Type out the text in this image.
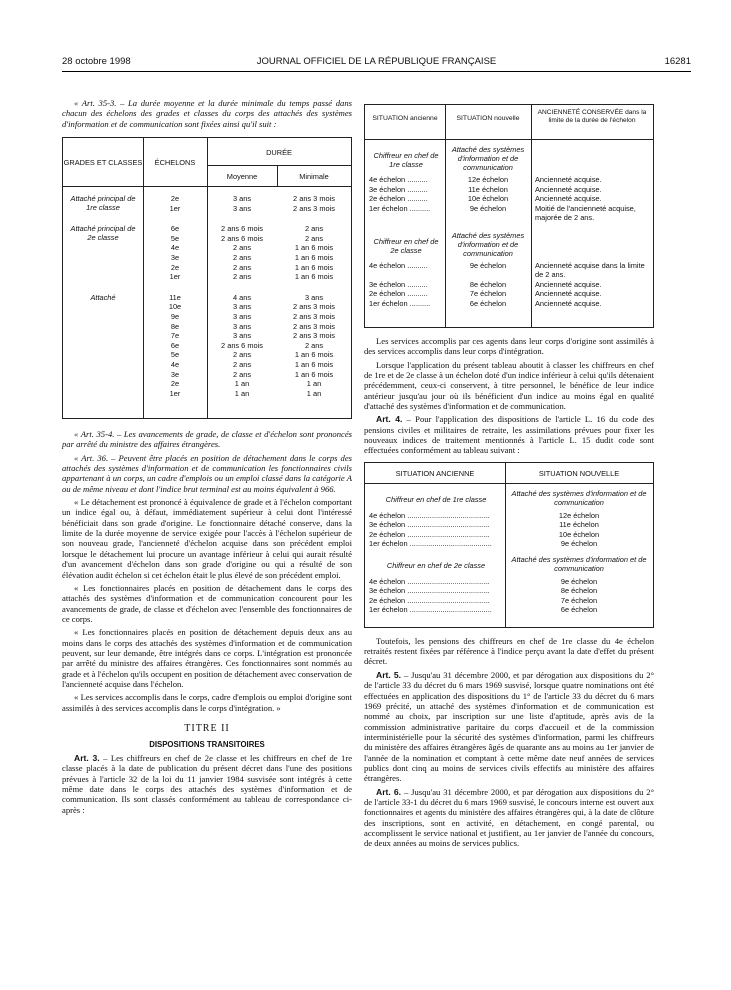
28 octobre 1998	JOURNAL OFFICIEL DE LA RÉPUBLIQUE FRANÇAISE	16281

« Art. 35-3. – La durée moyenne et la durée minimale du temps passé dans chacun des échelons des grades et classes du corps des attachés des systèmes d'information et de communication sont fixées ainsi qu'il suit :

GRADES ET CLASSES	ÉCHELONS
DURÉE
Moyenne	Minimale
Attaché principal de 1re classe
2e	3 ans	2 ans 3 mois
1er	3 ans	2 ans 3 mois
Attaché principal de 2e classe
6e	2 ans 6 mois	2 ans
5e	2 ans 6 mois	2 ans
4e	2 ans	1 an 6 mois
3e	2 ans	1 an 6 mois
2e	2 ans	1 an 6 mois
1er	2 ans	1 an 6 mois
Attaché	11e	4 ans	3 ans
10e	3 ans	2 ans 3 mois
9e	3 ans	2 ans 3 mois
8e	3 ans	2 ans 3 mois
7e	3 ans	2 ans 3 mois
6e	2 ans 6 mois	2 ans
5e	2 ans	1 an 6 mois
4e	2 ans	1 an 6 mois
3e	2 ans	1 an 6 mois
2e	1 an	1 an
1er	1 an	1 an

« Art. 35-4. – Les avancements de grade, de classe et d'échelon sont prononcés par arrêté du ministre des affaires étrangères.

« Art. 36. – Peuvent être placés en position de détachement dans le corps des attachés des systèmes d'information et de communication les fonctionnaires civils appartenant à un corps, un cadre d'emplois ou un emploi classé dans la catégorie A ou de même niveau et dont l'indice brut terminal est au moins équivalent à 966.

« Le détachement est prononcé à équivalence de grade et à l'échelon comportant un indice égal ou, à défaut, immédiatement supérieur à celui dont l'intéressé bénéficiait dans son grade d'origine. Le fonctionnaire détaché conserve, dans la limite de la durée moyenne de service exigée pour l'accès à l'échelon supérieur de son nouveau grade, l'ancienneté d'échelon acquise dans son précédent emploi lorsque le détachement lui procure un avantage inférieur à celui qui aurait résulté d'un avancement d'échelon dans son grade d'origine ou qui a résulté de son élévation audit échelon si cet échelon était le plus élevé de son précédent emploi.

« Les fonctionnaires placés en position de détachement dans le corps des attachés des systèmes d'information et de communication concourent pour les avancements de grade, de classe et d'échelon avec l'ensemble des fonctionnaires de ce corps.

« Les fonctionnaires placés en position de détachement depuis deux ans au moins dans le corps des attachés des systèmes d'information et de communication peuvent, sur leur demande, être intégrés dans ce corps. L'intégration est prononcée par arrêté du ministre des affaires étrangères. Ces fonctionnaires sont nommés au grade et à l'échelon qu'ils occupent en position de détachement avec conservation de l'ancienneté acquise dans l'échelon.

« Les services accomplis dans le corps, cadre d'emplois ou emploi d'origine sont assimilés à des services accomplis dans le corps d'intégration. »

TITRE II
DISPOSITIONS TRANSITOIRES

Art. 3. – Les chiffreurs en chef de 2e classe et les chiffreurs en chef de 1re classe placés à la date de publication du présent décret dans l'une des positions prévues à l'article 32 de la loi du 11 janvier 1984 susvisée sont intégrés à cette même date dans le corps des attachés des systèmes d'information et de communication. Ils sont classés conformément au tableau de correspondance ci-après :

SITUATION ancienne	SITUATION nouvelle
ANCIENNETÉ CONSERVÉE dans la limite de la durée de l'échelon
Chiffreur en chef de 1re classe
Attaché des systèmes d'information et de communication
4e échelon ..........	12e échelon	Ancienneté acquise.
3e échelon ..........	11e échelon	Ancienneté acquise.
2e échelon ..........	10e échelon	Ancienneté acquise.
1er échelon ..........	9e échelon	Moitié de l'ancienneté acquise, majorée de 2 ans.
Chiffreur en chef de 2e classe
Attaché des systèmes d'information et de communication
4e échelon ..........	9e échelon	Ancienneté acquise dans la limite de 2 ans.
3e échelon ..........	8e échelon	Ancienneté acquise.
2e échelon ..........	7e échelon	Ancienneté acquise.
1er échelon ..........	6e échelon	Ancienneté acquise.

Les services accomplis par ces agents dans leur corps d'origine sont assimilés à des services accomplis dans leur corps d'intégration.

Lorsque l'application du présent tableau aboutit à classer les chiffreurs en chef de 1re et de 2e classe à un échelon doté d'un indice inférieur à celui qu'ils détenaient précédemment, ceux-ci conservent, à titre personnel, le bénéfice de leur indice antérieur jusqu'au jour où ils bénéficient d'un indice au moins égal en qualité d'attaché des systèmes d'information et de communication.

Art. 4. – Pour l'application des dispositions de l'article L. 16 du code des pensions civiles et militaires de retraite, les assimilations prévues pour fixer les nouveaux indices de traitement mentionnés à l'article L. 15 dudit code sont effectuées conformément au tableau suivant :

SITUATION ANCIENNE	SITUATION NOUVELLE
Chiffreur en chef de 1re classe
Attaché des systèmes d'information et de communication
4e échelon ........................................	12e échelon
3e échelon ........................................	11e échelon
2e échelon ........................................	10e échelon
1er échelon ........................................	9e échelon
Chiffreur en chef de 2e classe
Attaché des systèmes d'information et de communication
4e échelon ........................................	9e échelon
3e échelon ........................................	8e échelon
2e échelon ........................................	7e échelon
1er échelon ........................................	6e échelon

Toutefois, les pensions des chiffreurs en chef de 1re classe du 4e échelon retraités restent fixées par référence à l'indice perçu avant la date d'effet du présent décret.

Art. 5. – Jusqu'au 31 décembre 2000, et par dérogation aux dispositions du 2° de l'article 33 du décret du 6 mars 1969 susvisé, lorsque quatre nominations ont été effectuées en application des dispositions du 1° de l'article 33 du décret du 6 mars 1969 précité, un attaché des systèmes d'information et de communication est nommé au choix, par inscription sur une liste d'aptitude, après avis de la commission administrative paritaire du corps d'accueil et de la commission interministérielle pour la sécurité des systèmes d'information, parmi les chiffreurs du ministère des affaires étrangères âgés de quarante ans au moins au 1er janvier de l'année de la nomination et comptant à cette même date neuf années de services publics dont cinq au moins de services civils effectifs au ministère des affaires étrangères.

Art. 6. – Jusqu'au 31 décembre 2000, et par dérogation aux dispositions du 2° de l'article 33-1 du décret du 6 mars 1969 susvisé, le concours interne est ouvert aux fonctionnaires et agents du ministère des affaires étrangères qui, à la date de clôture des inscriptions, sont en activité, en détachement, en congé parental, ou accomplissent le service national et justifient, au 1er janvier de l'année du concours, de deux années au moins de services publics.
